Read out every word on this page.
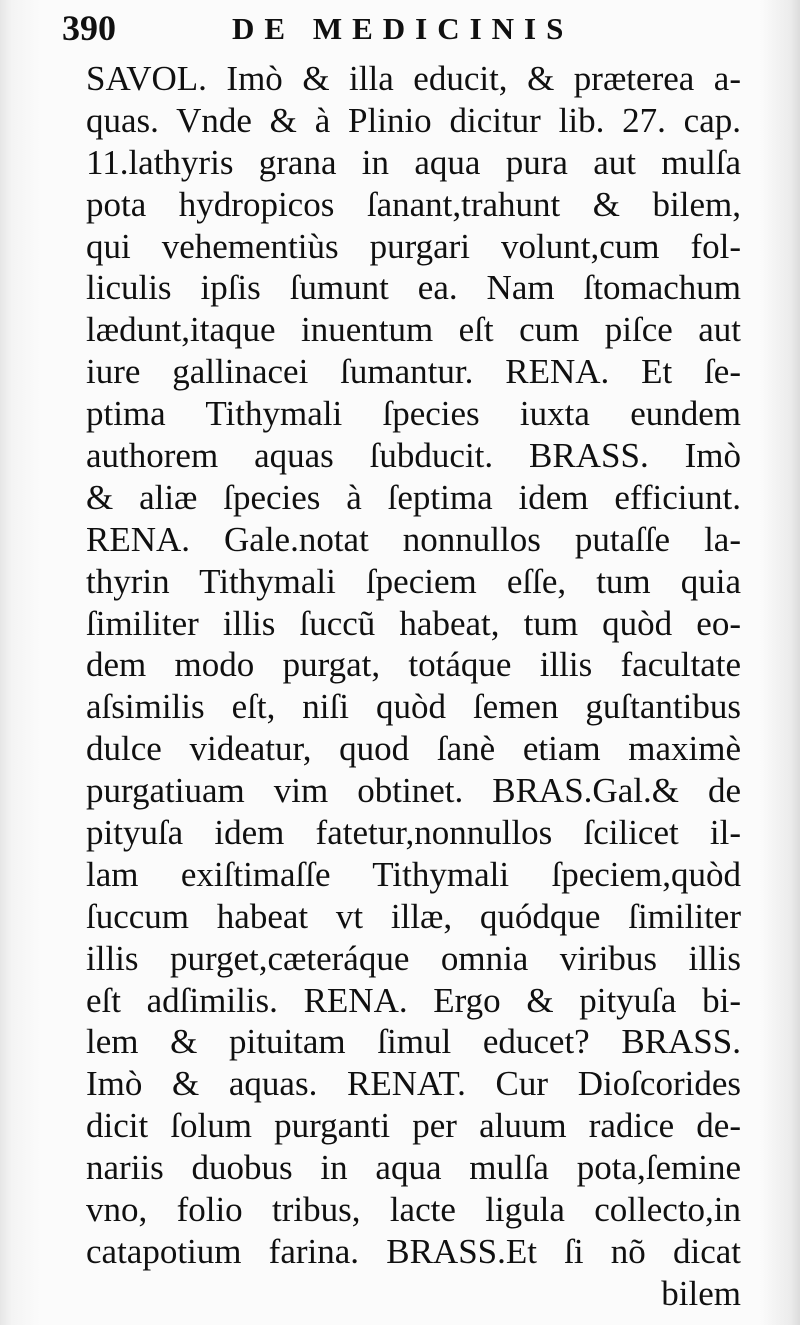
390	DE MEDICINIS
SAVOL. Imò & illa educit, & præterea a-
quas. Vnde & à Plinio dicitur lib. 27. cap.
11.lathyris grana in aqua pura aut mulſa
pota hydropicos ſanant,trahunt & bilem,
qui vehementiùs purgari volunt,cum fol-
liculis ipſis ſumunt ea. Nam ſtomachum
lædunt,itaque inuentum eſt cum piſce aut
iure gallinacei ſumantur. RENA. Et ſe-
ptima Tithymali ſpecies iuxta eundem
authorem aquas ſubducit. BRASS. Imò
& aliæ ſpecies à ſeptima idem efficiunt.
RENA. Gale.notat nonnullos putaſſe la-
thyrin Tithymali ſpeciem eſſe, tum quia
ſimiliter illis ſuccũ habeat, tum quòd eo-
dem modo purgat, totáque illis facultate
aſsimilis eſt, niſi quòd ſemen guſtantibus
dulce videatur, quod ſanè etiam maximè
purgatiuam vim obtinet. BRAS.Gal.& de
pityuſa idem fatetur,nonnullos ſcilicet il-
lam exiſtimaſſe Tithymali ſpeciem,quòd
ſuccum habeat vt illæ, quódque ſimiliter
illis purget,cæteráque omnia viribus illis
eſt adſimilis. RENA. Ergo & pityuſa bi-
lem & pituitam ſimul educet? BRASS.
Imò & aquas. RENAT. Cur Dioſcorides
dicit ſolum purganti per aluum radice de-
nariis duobus in aqua mulſa pota,ſemine
vno, folio tribus, lacte ligula collecto,in
catapotium farina. BRASS.Et ſi nõ dicat
bilem
